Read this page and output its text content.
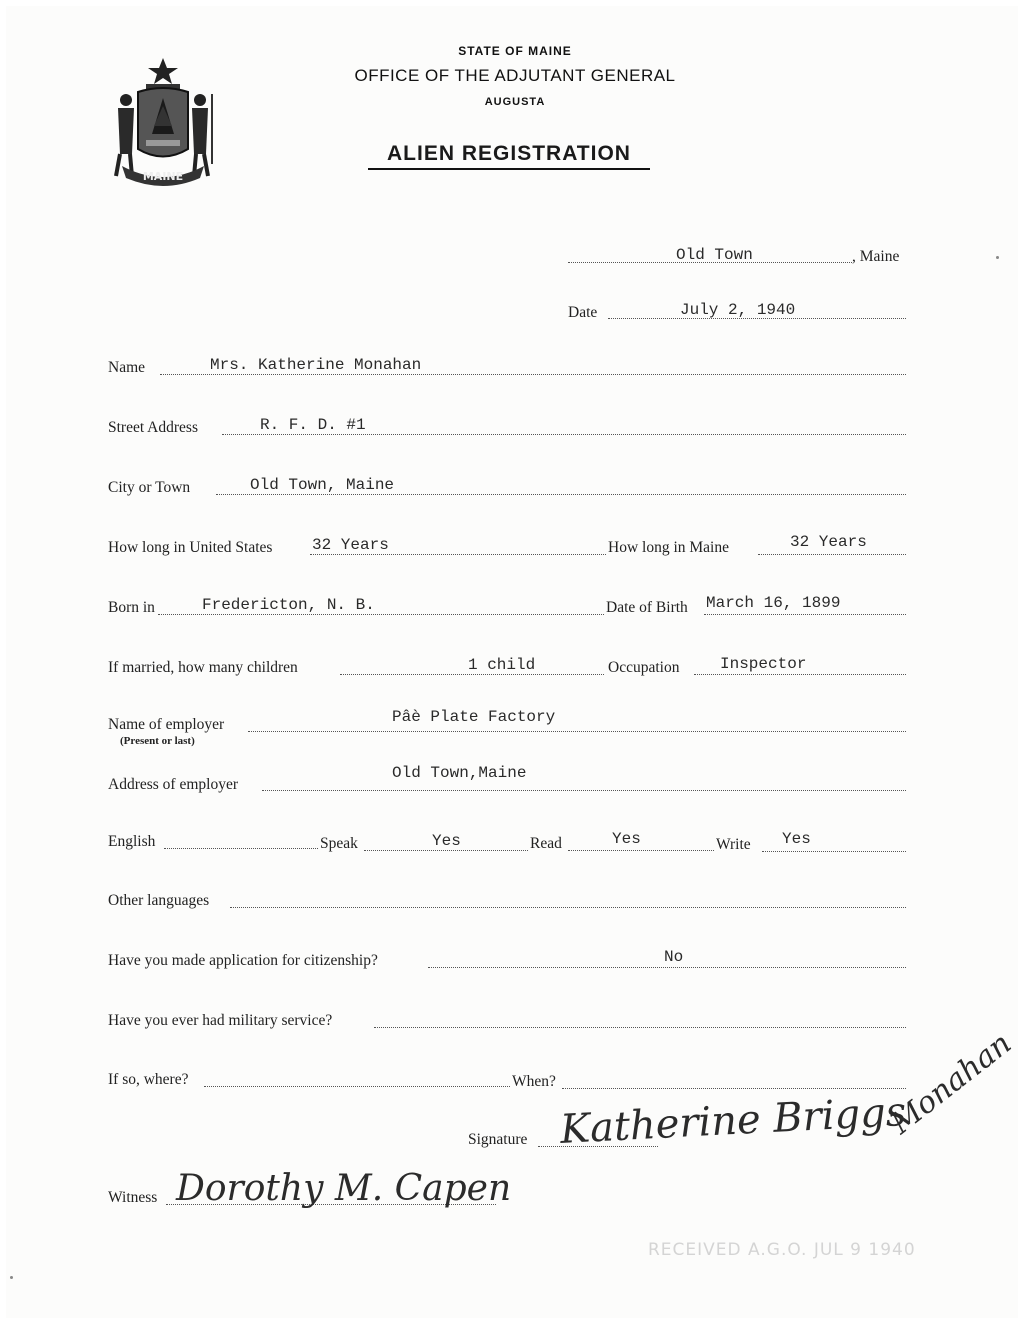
MAINE
STATE OF MAINE
OFFICE OF THE ADJUTANT GENERAL
AUGUSTA
ALIEN REGISTRATION
Old Town	, Maine
Date	July 2, 1940
Name	Mrs. Katherine Monahan
Street Address	R. F. D. #1
City or Town	Old Town, Maine
How long in United States 32 Years	How long in Maine	32 Years
Born in	Fredericton, N. B.	Date of Birth March 16, 1899
If married, how many children	1 child	Occupation	Inspector
Name of employer
(Present or last)
Pâè Plate Factory
Address of employer
Old Town,Maine
English	Speak	Yes	Read	Yes	Write Yes
Other languages
Have you made application for citizenship?	No
Have you ever had military service?
If so, where?	When?
Signature Katherine Briggs
Monahan
Witness Dorothy M. Capen
RECEIVED A.G.O. JUL 9 1940
